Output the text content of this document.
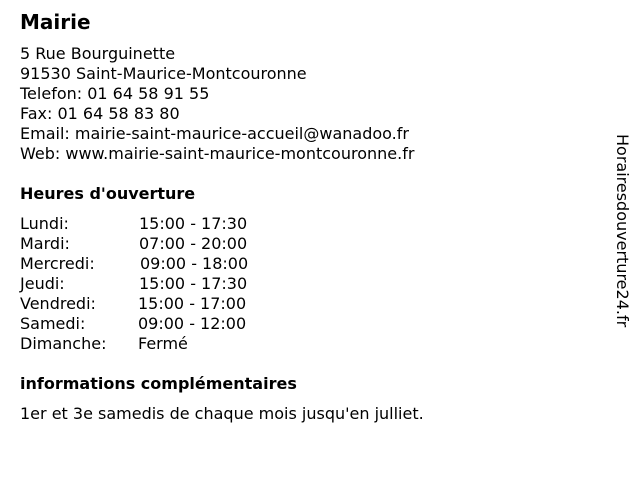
Mairie
5 Rue Bourguinette
91530 Saint-Maurice-Montcouronne
Telefon: 01 64 58 91 55
Fax: 01 64 58 83 80
Email: mairie-saint-maurice-accueil@wanadoo.fr
Web: www.mairie-saint-maurice-montcouronne.fr
Heures d'ouverture
Lundi:	15:00 - 17:30
Mardi:	07:00 - 20:00
Mercredi:	09:00 - 18:00
Jeudi:	15:00 - 17:30
Vendredi:	15:00 - 17:00
Samedi:	09:00 - 12:00
Dimanche: Fermé
informations complémentaires
1er et 3e samedis de chaque mois jusqu'en julliet.
Horairesdouverture24.fr
